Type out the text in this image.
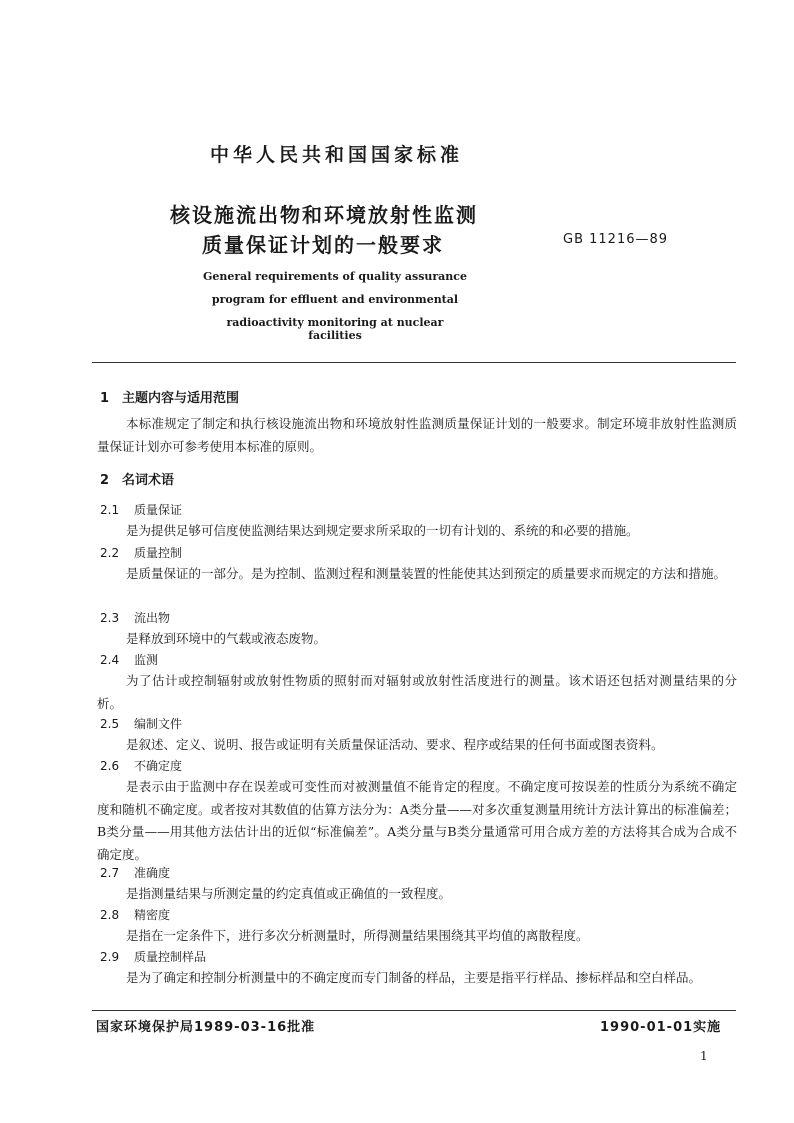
中华人民共和国国家标准
核设施流出物和环境放射性监测
质量保证计划的一般要求	GB 11216—89
General requirements of quality assurance
program for effluent and environmental
radioactivity monitoring at nuclear facilities
1　主题内容与适用范围
本标准规定了制定和执行核设施流出物和环境放射性监测质量保证计划的一般要求。制定环境非放射性监测质量保证计划亦可参考使用本标准的原则。
2　名词术语
2.1 质量保证
是为提供足够可信度使监测结果达到规定要求所采取的一切有计划的、系统的和必要的措施。
2.2 质量控制
是质量保证的一部分。是为控制、监测过程和测量装置的性能使其达到预定的质量要求而规定的方法和措施。
2.3 流出物
是释放到环境中的气载或液态废物。
2.4 监测
为了估计或控制辐射或放射性物质的照射而对辐射或放射性活度进行的测量。该术语还包括对测量结果的分析。
2.5 编制文件
是叙述、定义、说明、报告或证明有关质量保证活动、要求、程序或结果的任何书面或图表资料。
2.6 不确定度
是表示由于监测中存在误差或可变性而对被测量值不能肯定的程度。不确定度可按误差的性质分为系统不确定度和随机不确定度。或者按对其数值的估算方法分为：A类分量——对多次重复测量用统计方法计算出的标准偏差；B类分量——用其他方法估计出的近似“标准偏差”。A类分量与B类分量通常可用合成方差的方法将其合成为合成不确定度。
2.7 准确度
是指测量结果与所测定量的约定真值或正确值的一致程度。
2.8 精密度
是指在一定条件下，进行多次分析测量时，所得测量结果围绕其平均值的离散程度。
2.9 质量控制样品
是为了确定和控制分析测量中的不确定度而专门制备的样品，主要是指平行样品、掺标样品和空白样品。
国家环境保护局1989-03-16批准	1990-01-01实施
1
